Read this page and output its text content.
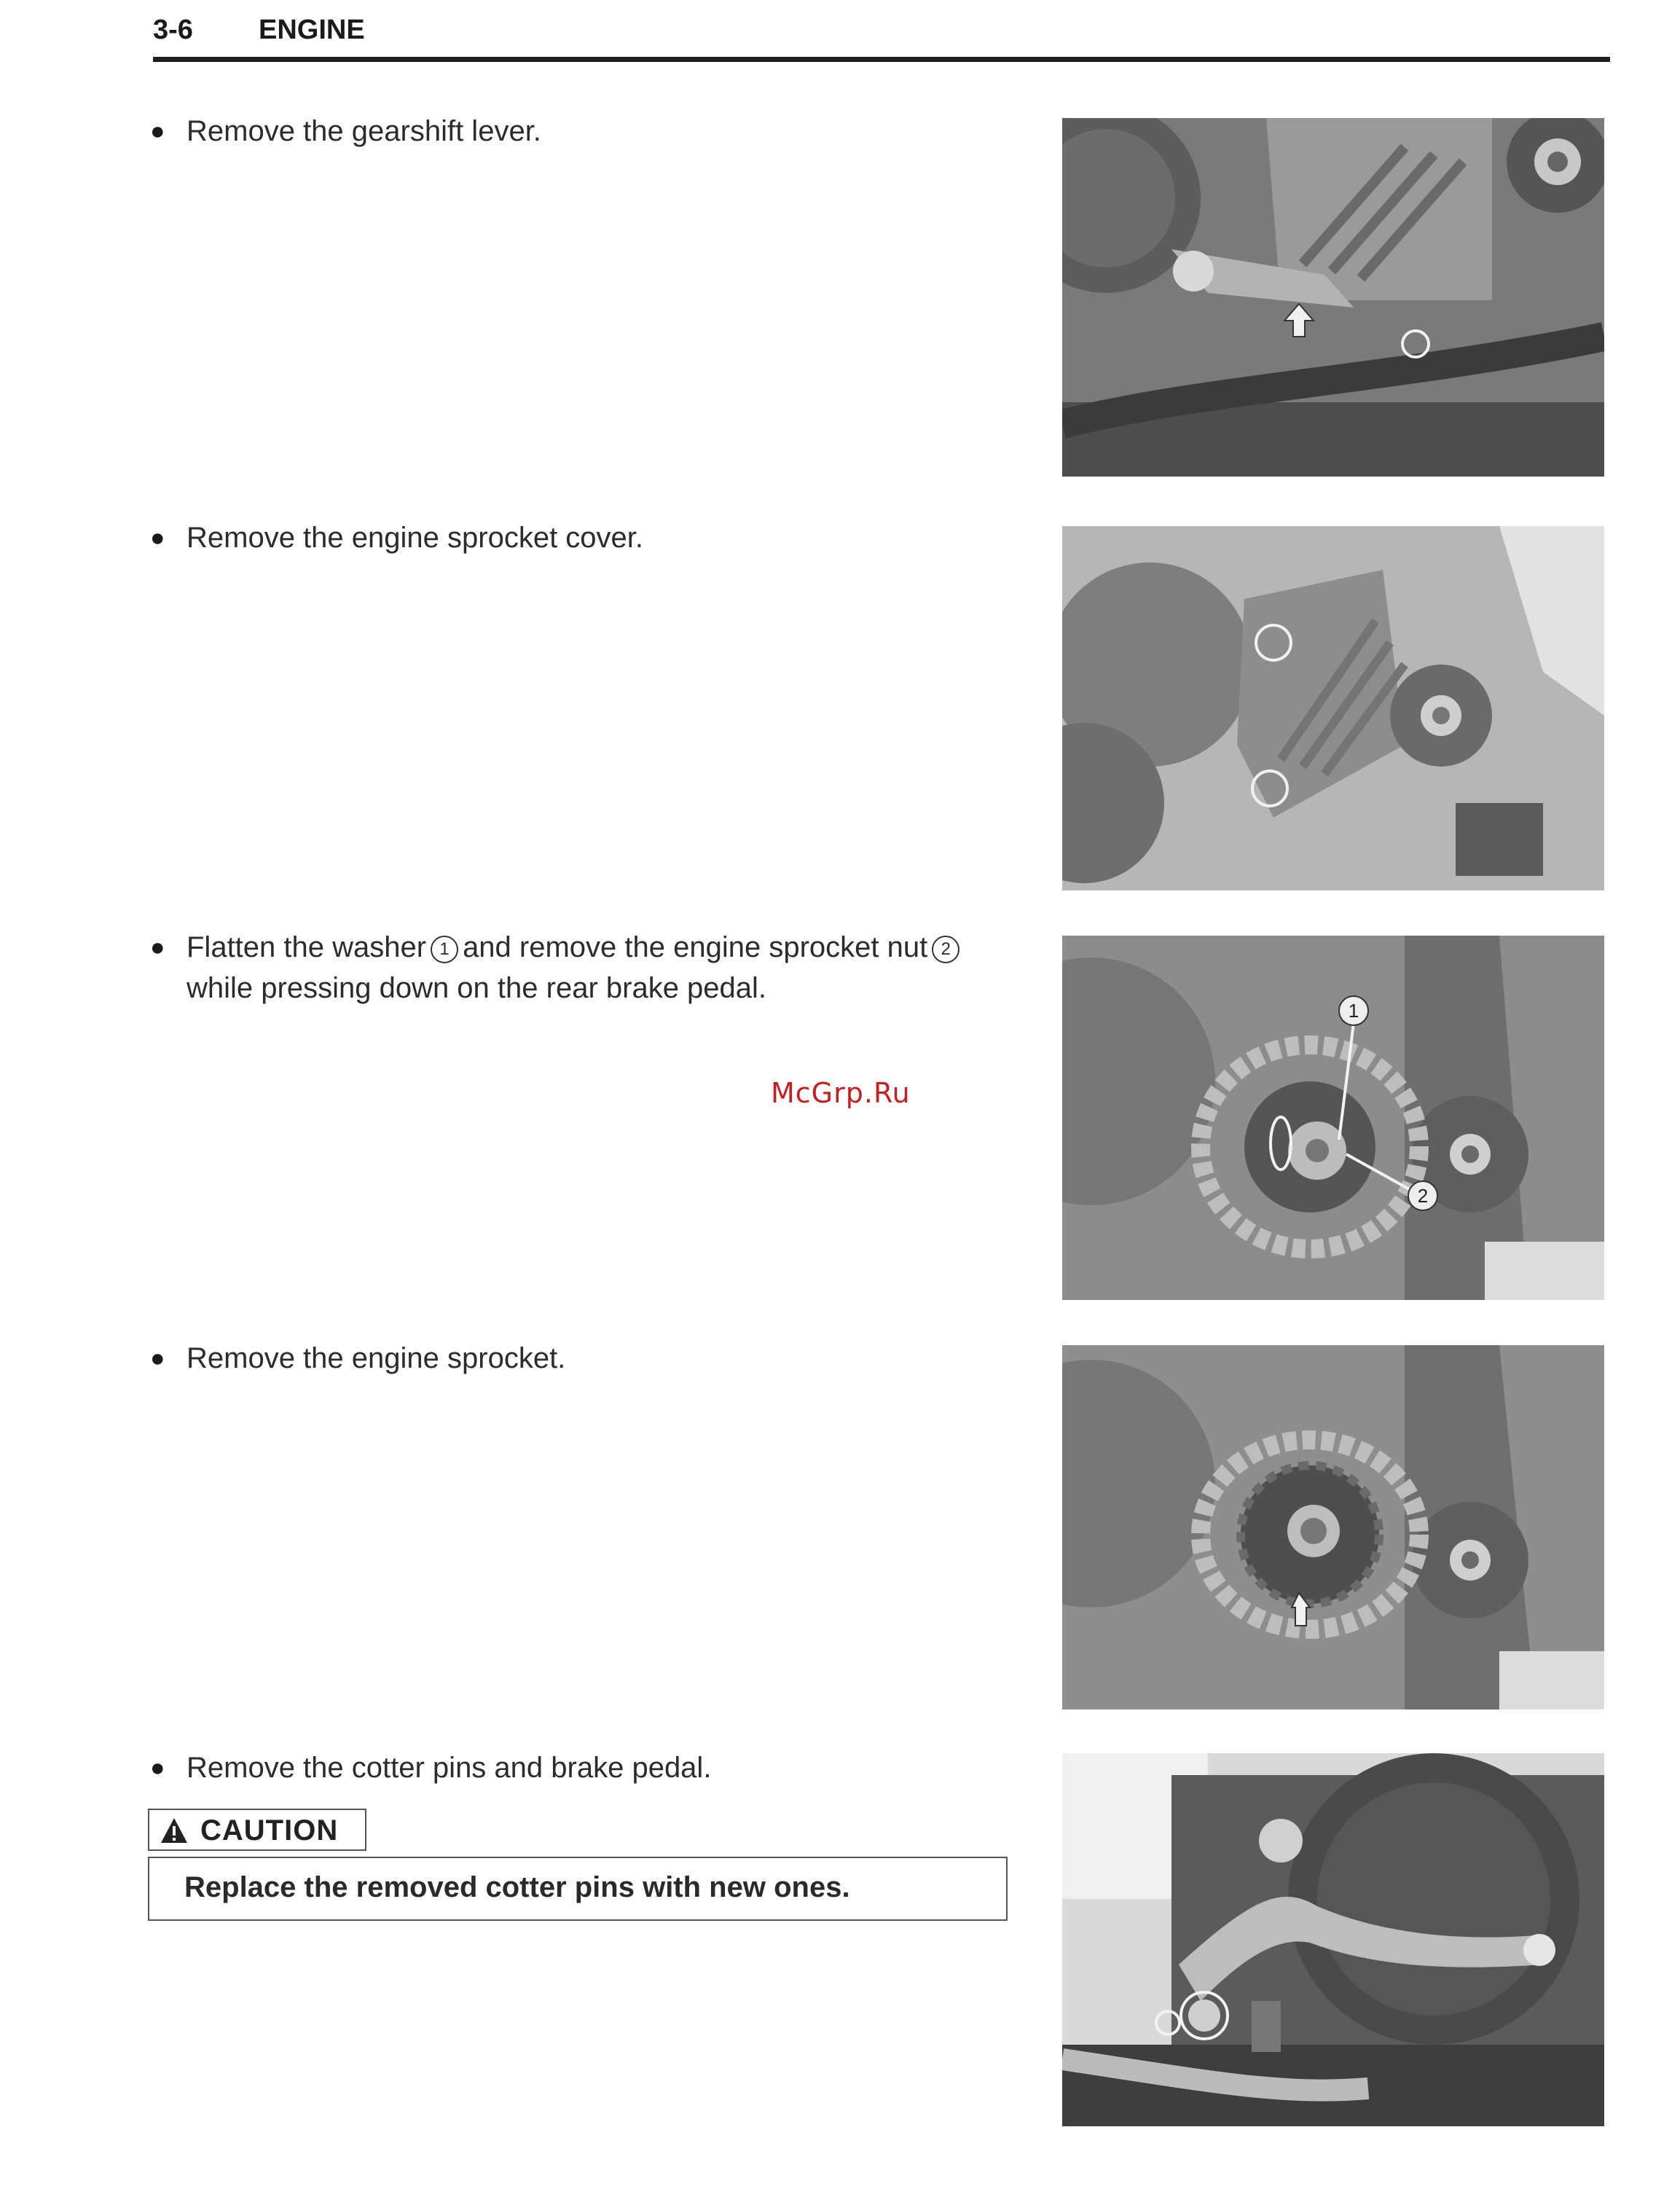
3-6 ENGINE
● Remove the gearshift lever.
● Remove the engine sprocket cover.
● Flatten the washer 1 and remove the engine sprocket nut 2
while pressing down on the rear brake pedal.
● Remove the engine sprocket.
● Remove the cotter pins and brake pedal.
CAUTION
Replace the removed cotter pins with new ones.
McGrp.Ru
2
1
